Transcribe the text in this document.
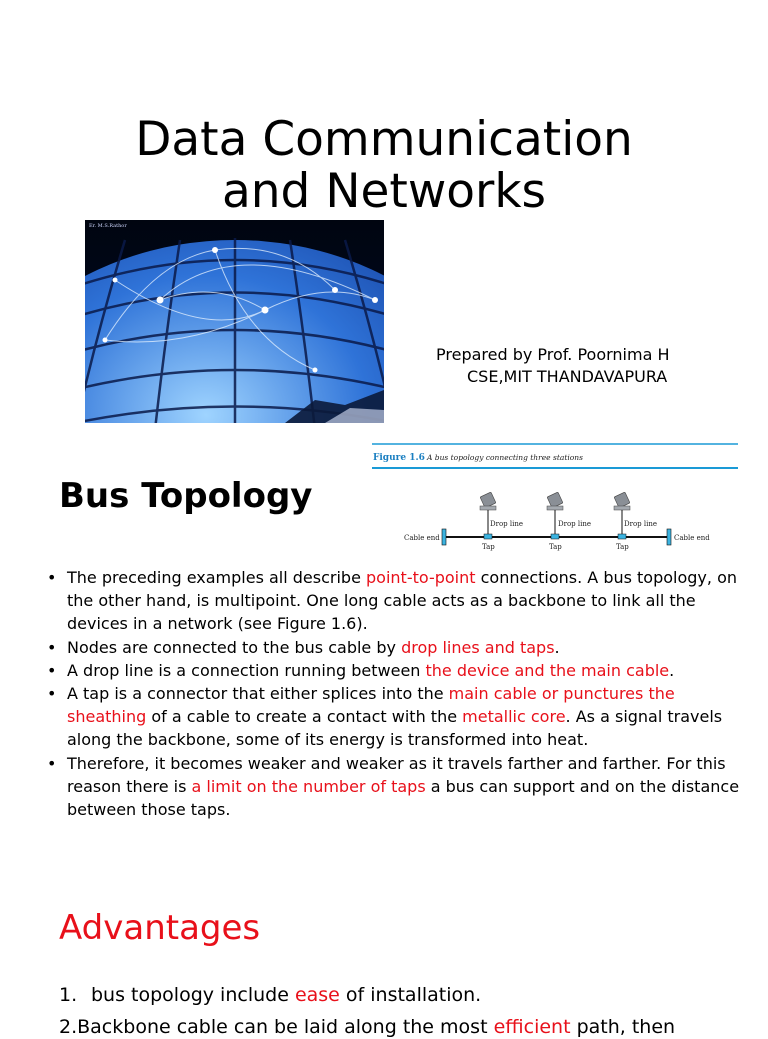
Data Communication
and Networks
Er. M.S.Rathor
Prepared by Prof. Poornima H
CSE,MIT THANDAVAPURA
Bus Topology
Figure 1.6 A bus topology connecting three stations
Cable end	Cable end
Drop line
Tap
Drop line
Tap
Drop line
Tap
• The preceding examples all describe point-to-point connections. A bus topology, on the other hand, is multipoint. One long cable acts as a backbone to link all the devices in a network (see Figure 1.6).
• Nodes are connected to the bus cable by drop lines and taps.
• A drop line is a connection running between the device and the main cable.
• A tap is a connector that either splices into the main cable or punctures the sheathing of a cable to create a contact with the metallic core. As a signal travels along the backbone, some of its energy is transformed into heat.
• Therefore, it becomes weaker and weaker as it travels farther and farther. For this reason there is a limit on the number of taps a bus can support and on the distance between those taps.
Advantages
1. bus topology include ease of installation.
2.Backbone cable can be laid along the most efficient path, then
